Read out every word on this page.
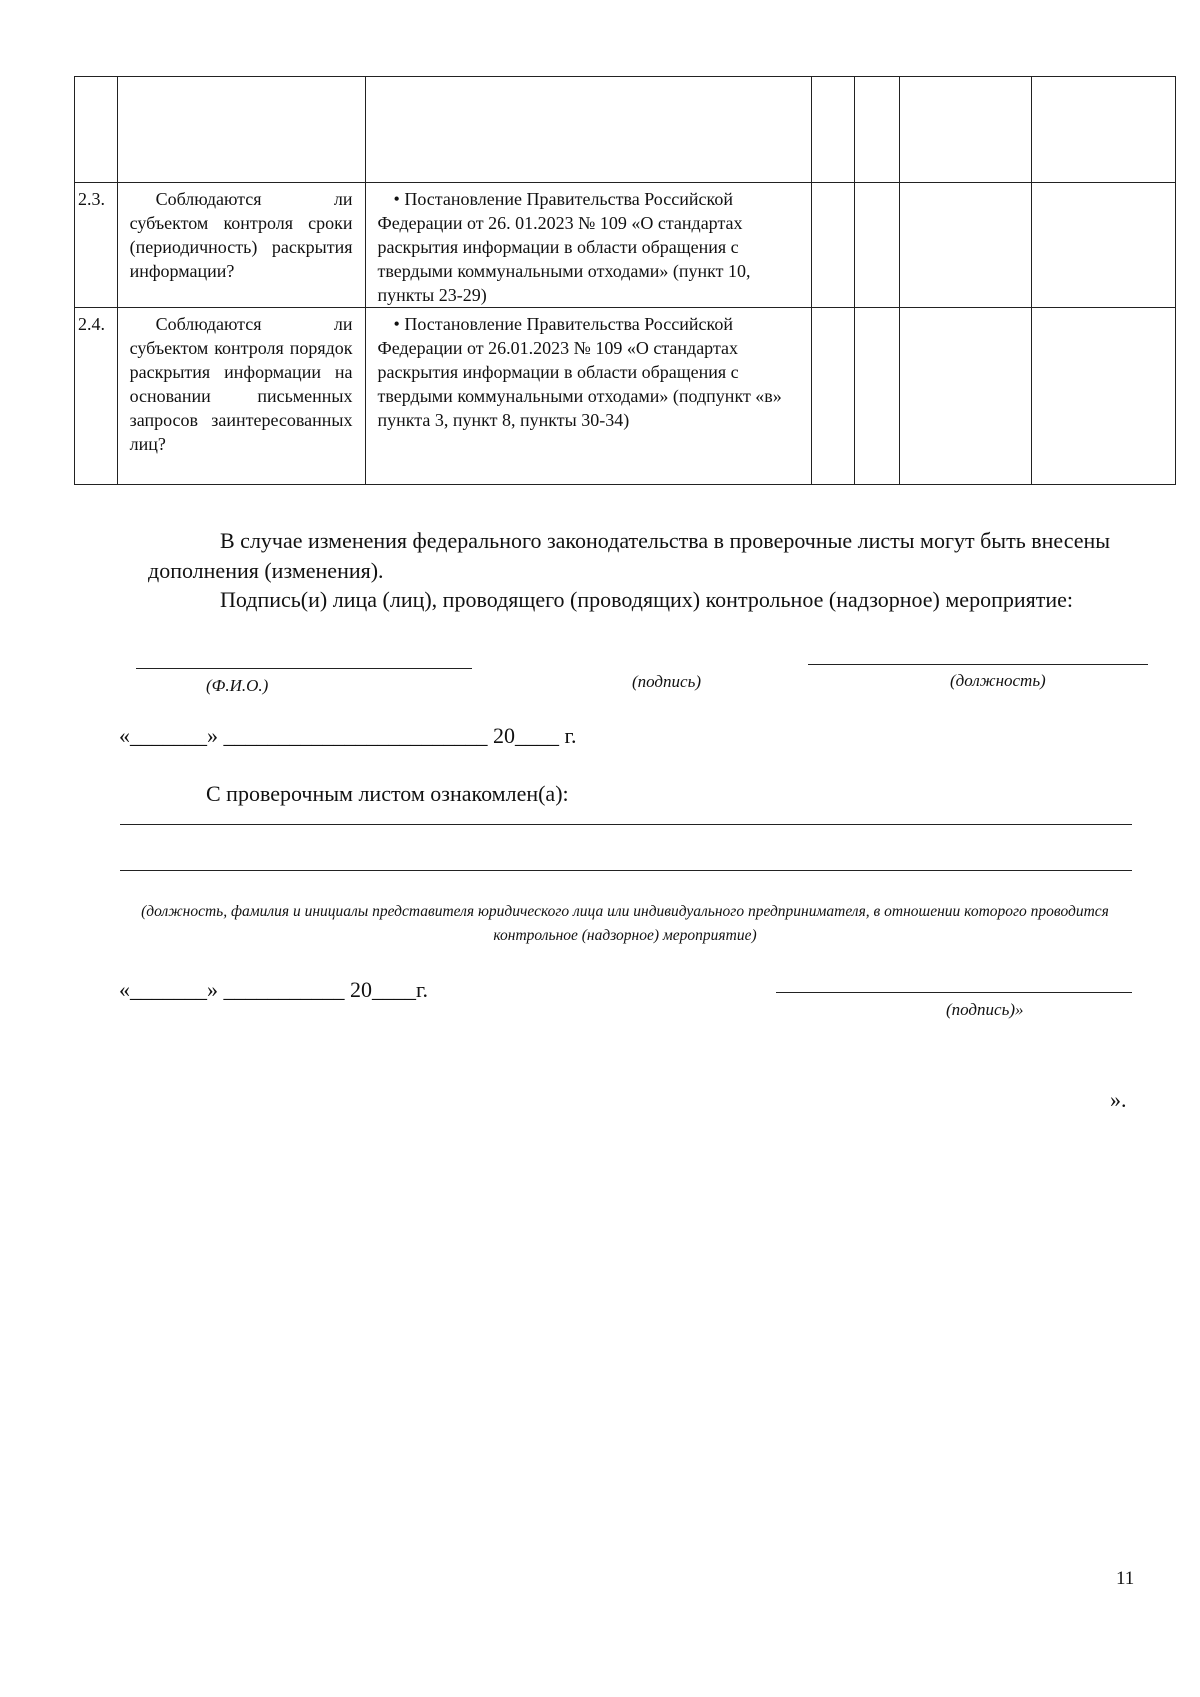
2.3.	Соблюдаются ли субъектом контроля сроки (периодичность) раскрытия информации?	• Постановление Правительства Российской Федерации от 26. 01.2023 № 109 «О стандартах раскрытия информации в области обращения с твердыми коммунальными отходами» (пункт 10, пункты 23-29)				
2.4.	Соблюдаются ли субъектом контроля порядок раскрытия информации на основании письменных запросов заинтересованных лиц?	• Постановление Правительства Российской Федерации от 26.01.2023 № 109 «О стандартах раскрытия информации в области обращения с твердыми коммунальными отходами» (подпункт «в» пункта 3, пункт 8, пункты 30-34)				

В случае изменения федерального законодательства в проверочные листы могут быть внесены дополнения (изменения).

Подпись(и) лица (лиц), проводящего (проводящих) контрольное (надзорное) мероприятие:

(Ф.И.О.)	(подпись)	(должность)
«_______» ________________________ 20____ г.
С проверочным листом ознакомлен(а):
(должность, фамилия и инициалы представителя юридического лица или индивидуального предпринимателя, в отношении которого проводится контрольное (надзорное) мероприятие)
«_______» ___________ 20____г.
(подпись)»
».
11
